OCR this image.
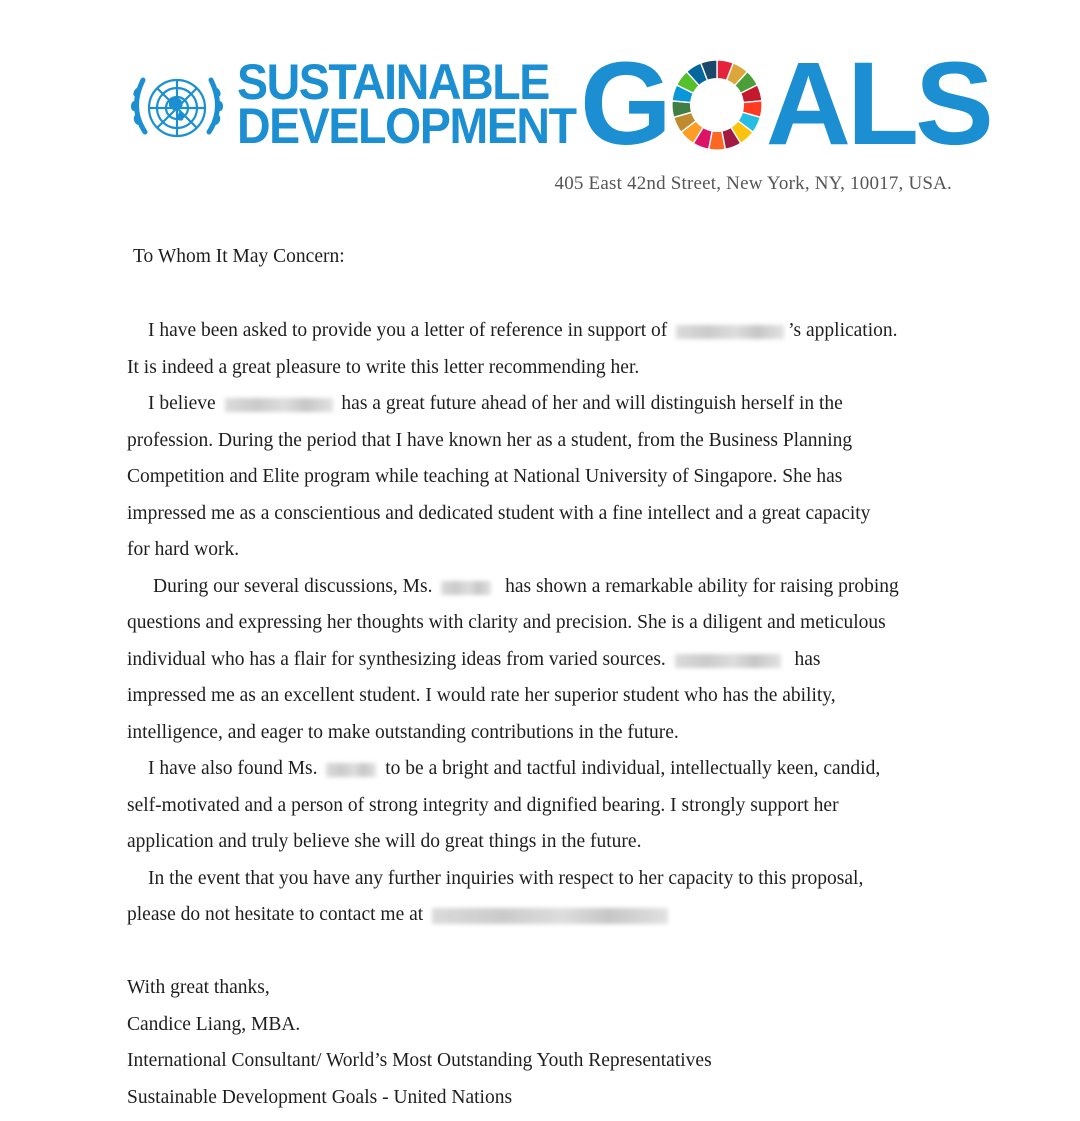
SUSTAINABLE
DEVELOPMENT G ALS
405 East 42nd Street, New York, NY, 10017, USA.
To Whom It May Concern:
I have been asked to provide you a letter of reference in support of	’s application.
It is indeed a great pleasure to write this letter recommending her.
I believe	has a great future ahead of her and will distinguish herself in the
profession. During the period that I have known her as a student, from the Business Planning
Competition and Elite program while teaching at National University of Singapore. She has
impressed me as a conscientious and dedicated student with a fine intellect and a great capacity
for hard work.
During our several discussions, Ms.	has shown a remarkable ability for raising probing
questions and expressing her thoughts with clarity and precision. She is a diligent and meticulous
individual who has a flair for synthesizing ideas from varied sources.	has
impressed me as an excellent student. I would rate her superior student who has the ability,
intelligence, and eager to make outstanding contributions in the future.
I have also found Ms.	to be a bright and tactful individual, intellectually keen, candid,
self-motivated and a person of strong integrity and dignified bearing. I strongly support her
application and truly believe she will do great things in the future.
In the event that you have any further inquiries with respect to her capacity to this proposal,
please do not hesitate to contact me at
With great thanks,
Candice Liang, MBA.
International Consultant/ World’s Most Outstanding Youth Representatives
Sustainable Development Goals - United Nations
